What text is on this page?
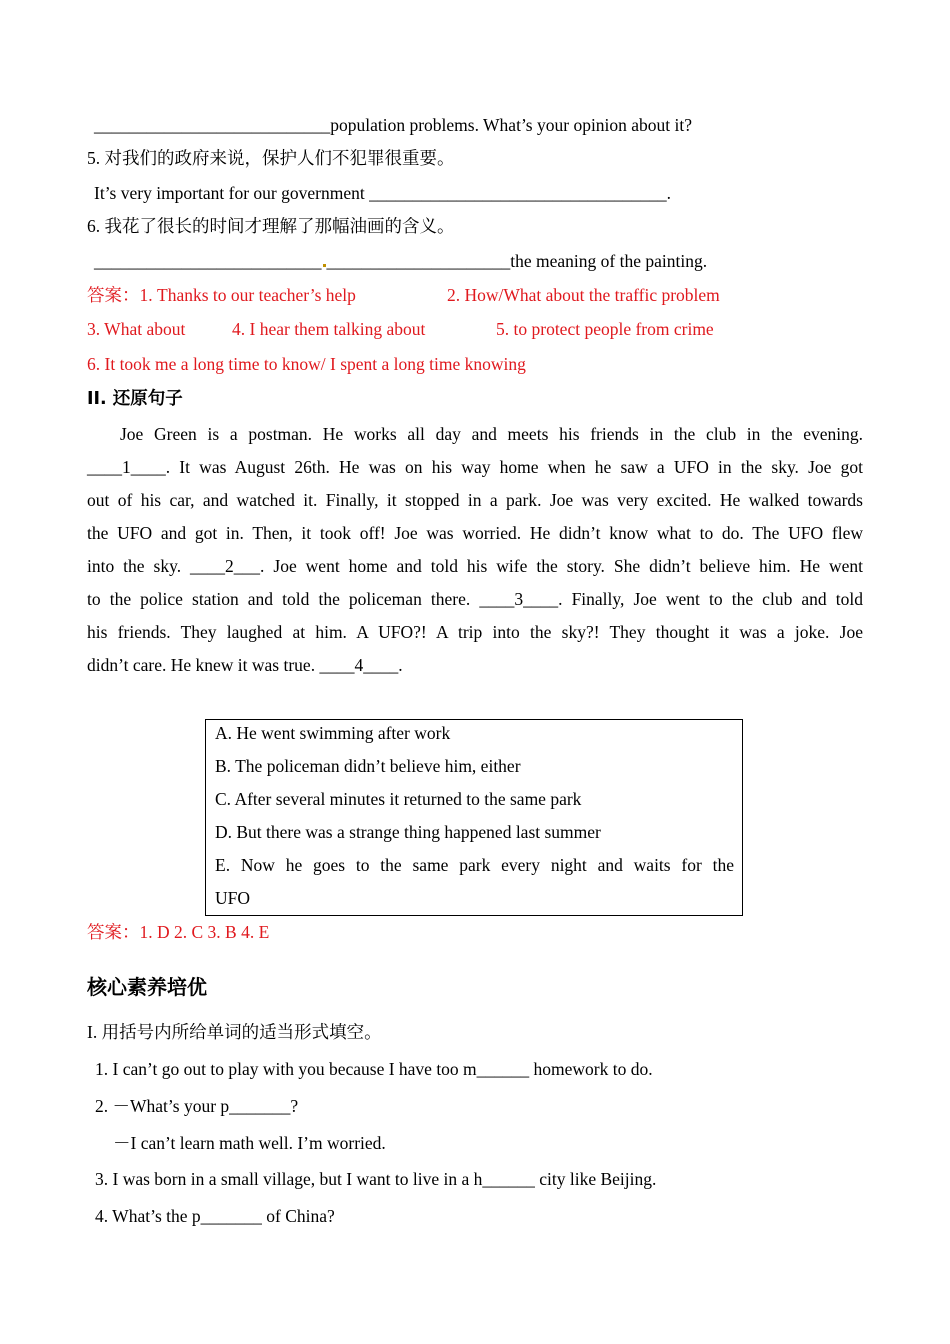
___________________________population problems. What’s your opinion about it?
5. 对我们的政府来说，保护人们不犯罪很重要。
It’s very important for our government __________________________________.
6. 我花了很长的时间才理解了那幅油画的含义。
__________________________ _____________________the meaning of the painting.
答案：1. Thanks to our teacher’s help	2. How/What about the traffic problem
3. What about	4. I hear them talking about	5. to protect people from crime
6. It took me a long time to know/ I spent a long time knowing
II. 还原句子
Joe Green is a postman. He works all day and meets his friends in the club in the evening.
____1____. It was August 26th. He was on his way home when he saw a UFO in the sky. Joe got
out of his car, and watched it. Finally, it stopped in a park. Joe was very excited. He walked towards
the UFO and got in. Then, it took off! Joe was worried. He didn’t know what to do. The UFO flew
into the sky. ____2___. Joe went home and told his wife the story. She didn’t believe him. He went
to the police station and told the policeman there. ____3____. Finally, Joe went to the club and told
his friends. They laughed at him. A UFO?! A trip into the sky?! They thought it was a joke. Joe
didn’t care. He knew it was true. ____4____.
A. He went swimming after work
B. The policeman didn’t believe him, either
C. After several minutes it returned to the same park
D. But there was a strange thing happened last summer
E. Now he goes to the same park every night and waits for the
UFO
答案：1. D 2. C 3. B 4. E
核心素养培优
I. 用括号内所给单词的适当形式填空。
1. I can’t go out to play with you because I have too m______ homework to do.
2. －What’s your p_______?
－I can’t learn math well. I’m worried.
3. I was born in a small village, but I want to live in a h______ city like Beijing.
4. What’s the p_______ of China?
